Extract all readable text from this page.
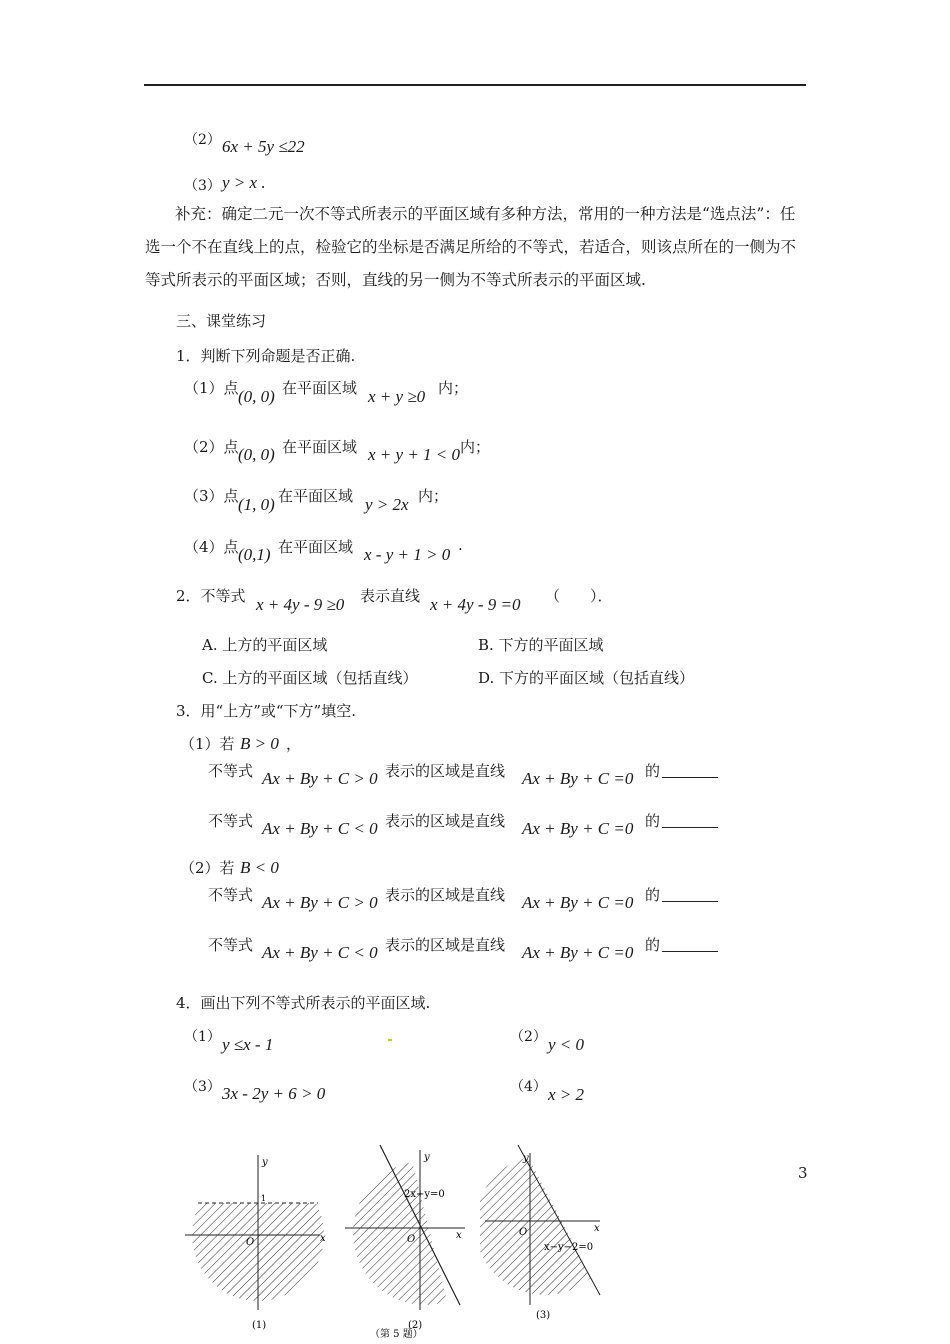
（2） 6x + 5y ≤22
（3） y > x .
补充：确定二元一次不等式所表示的平面区域有多种方法，常用的一种方法是“选点法”：任选一个不在直线上的点，检验它的坐标是否满足所给的不等式，若适合，则该点所在的一侧为不等式所表示的平面区域；否则，直线的另一侧为不等式所表示的平面区域.
三、课堂练习
1．判断下列命题是否正确.
（1）点 (0, 0) 在平面区域 x + y ≥0 内；
（2）点 (0, 0) 在平面区域 x + y + 1 < 0 内；
（3）点 (1, 0) 在平面区域 y > 2x 内；
（4）点 (0,1) 在平面区域 x - y + 1 > 0 .
2．不等式 x + 4y - 9 ≥0 表示直线 x + 4y - 9 =0 （　　）．
A. 上方的平面区域	B. 下方的平面区域
C. 上方的平面区域（包括直线）	D. 下方的平面区域（包括直线）
3．用“上方”或“下方”填空.
（1）若 B > 0 ，
不等式 Ax + By + C > 0 表示的区域是直线 Ax + By + C =0 的
不等式 Ax + By + C < 0 表示的区域是直线 Ax + By + C =0 的
（2）若 B < 0
不等式 Ax + By + C > 0 表示的区域是直线 Ax + By + C =0 的
不等式 Ax + By + C < 0 表示的区域是直线 Ax + By + C =0 的
4．画出下列不等式所表示的平面区域.
（1） y ≤x - 1	（2） y < 0
（3） 3x - 2y + 6 > 0	（4） x > 2
y
x
O
1
(1)
y
x
O
2x+y=0
(2)
y
x
O
x−y−2=0
(3)
（第 5 题）
3
